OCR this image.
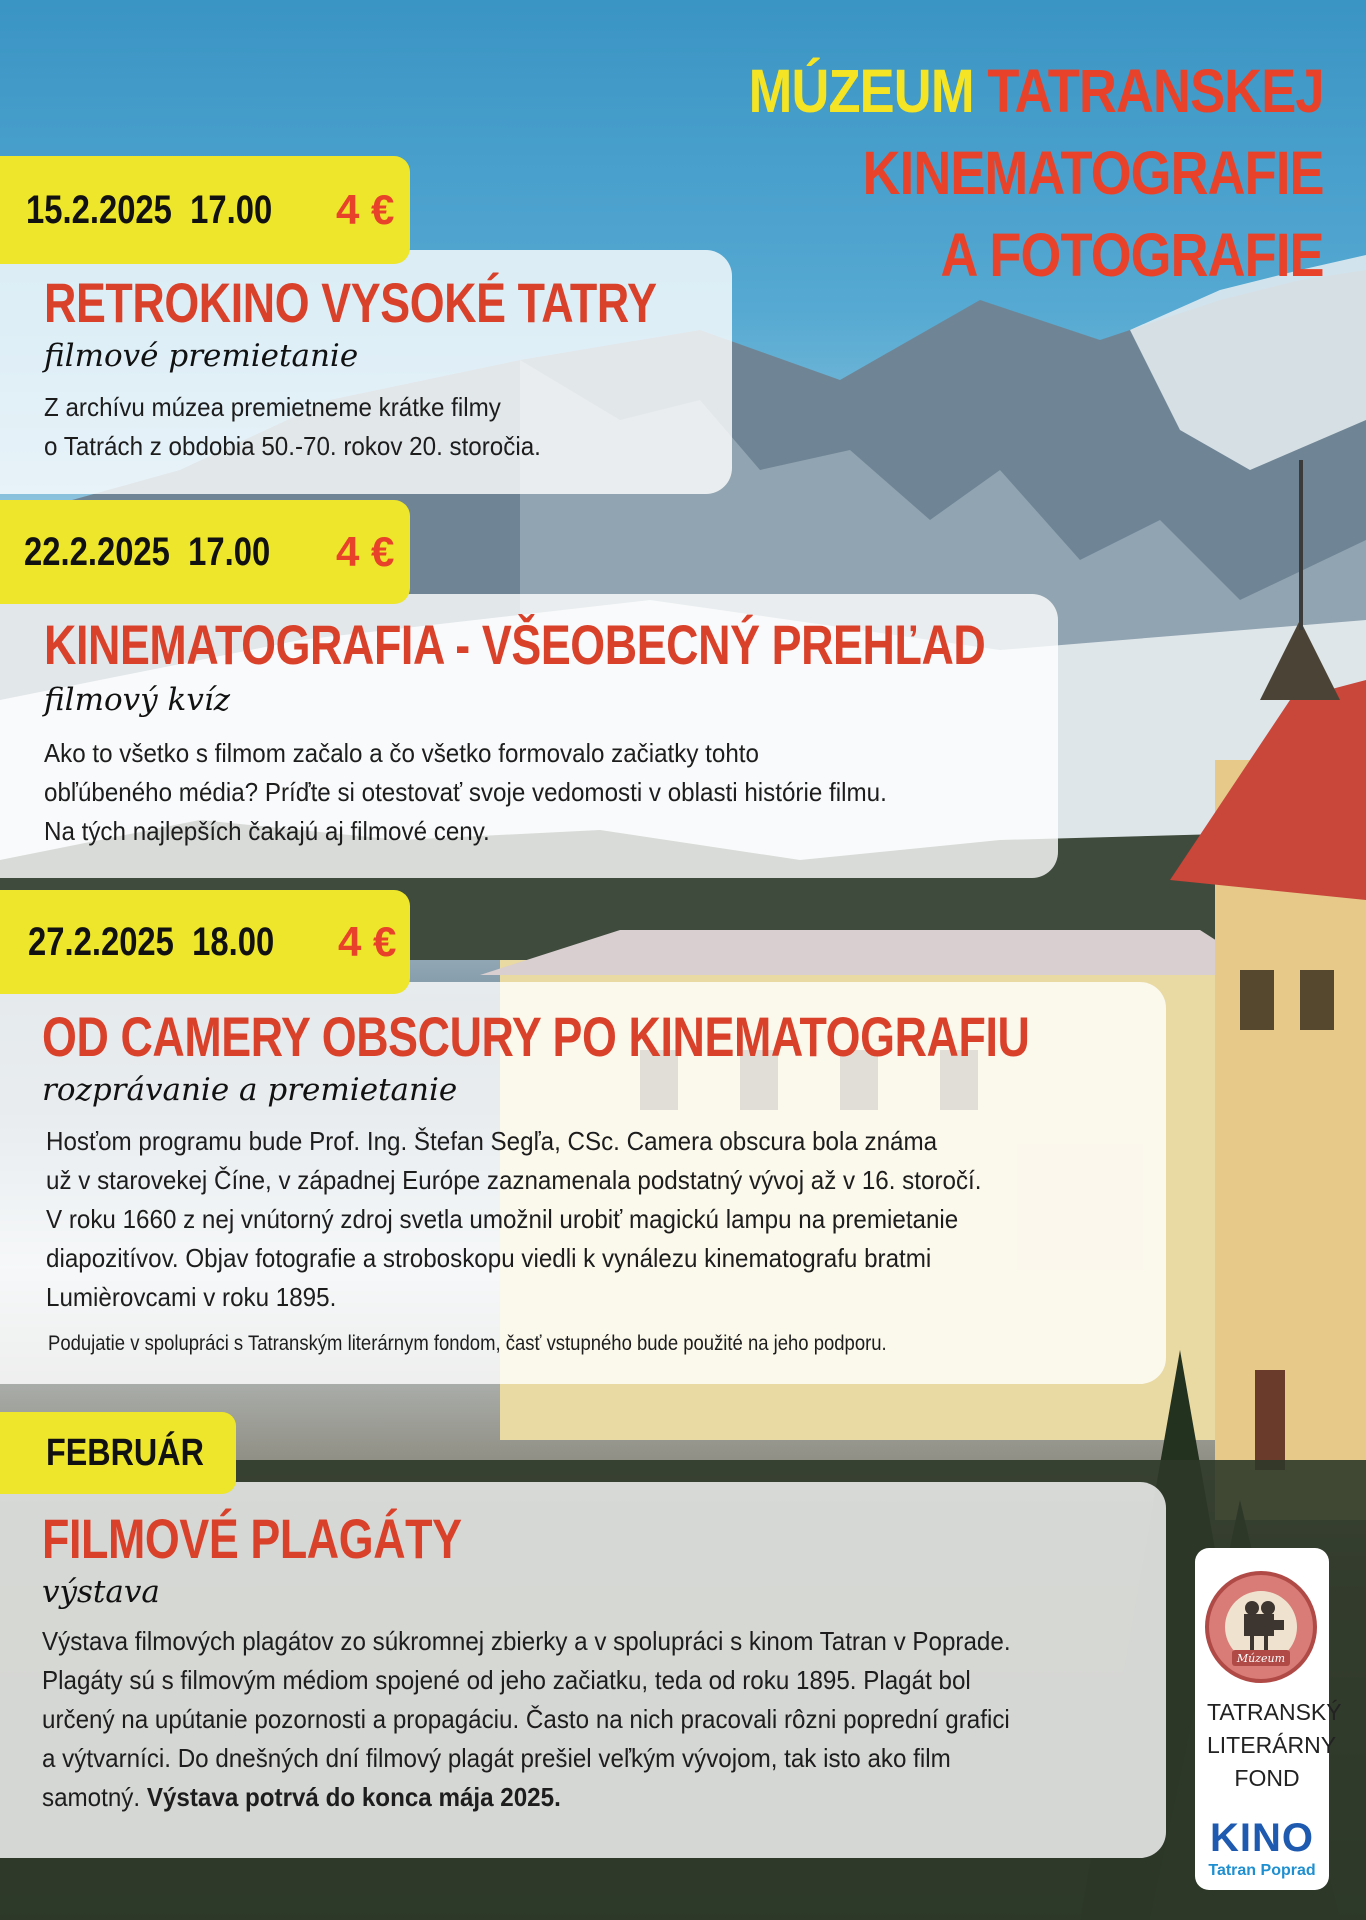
MÚZEUM TATRANSKEJ
KINEMATOGRAFIE
A FOTOGRAFIE
15.2.2025 17.00 4 €
RETROKINO VYSOKÉ TATRY
filmové premietanie

Z archívu múzea premietneme krátke filmy

o Tatrách z obdobia 50.-70. rokov 20. storočia.

22.2.2025 17.00 4 €
KINEMATOGRAFIA - VŠEOBECNÝ PREHĽAD
filmový kvíz

Ako to všetko s filmom začalo a čo všetko formovalo začiatky tohto

obľúbeného média? Príďte si otestovať svoje vedomosti v oblasti histórie filmu.

Na tých najlepších čakajú aj filmové ceny.

27.2.2025 18.00 4 €
OD CAMERY OBSCURY PO KINEMATOGRAFIU
rozprávanie a premietanie

Hosťom programu bude Prof. Ing. Štefan Segľa, CSc. Camera obscura bola známa

už v starovekej Číne, v západnej Európe zaznamenala podstatný vývoj až v 16. storočí.

V roku 1660 z nej vnútorný zdroj svetla umožnil urobiť magickú lampu na premietanie

diapozitívov. Objav fotografie a stroboskopu viedli k vynálezu kinematografu bratmi

Lumièrovcami v roku 1895.

Podujatie v spolupráci s Tatranským literárnym fondom, časť vstupného bude použité na jeho podporu.
FEBRUÁR
FILMOVÉ PLAGÁTY
výstava

Výstava filmových plagátov zo súkromnej zbierky a v spolupráci s kinom Tatran v Poprade.

Plagáty sú s filmovým médiom spojené od jeho začiatku, teda od roku 1895. Plagát bol

určený na upútanie pozornosti a propagáciu. Často na nich pracovali rôzni poprední grafici

a výtvarníci. Do dnešných dní filmový plagát prešiel veľkým vývojom, tak isto ako film

samotný. Výstava potrvá do konca mája 2025.

Múzeum
TATRANSKÝ
LITERÁRNY
FOND
KINO
Tatran Poprad
